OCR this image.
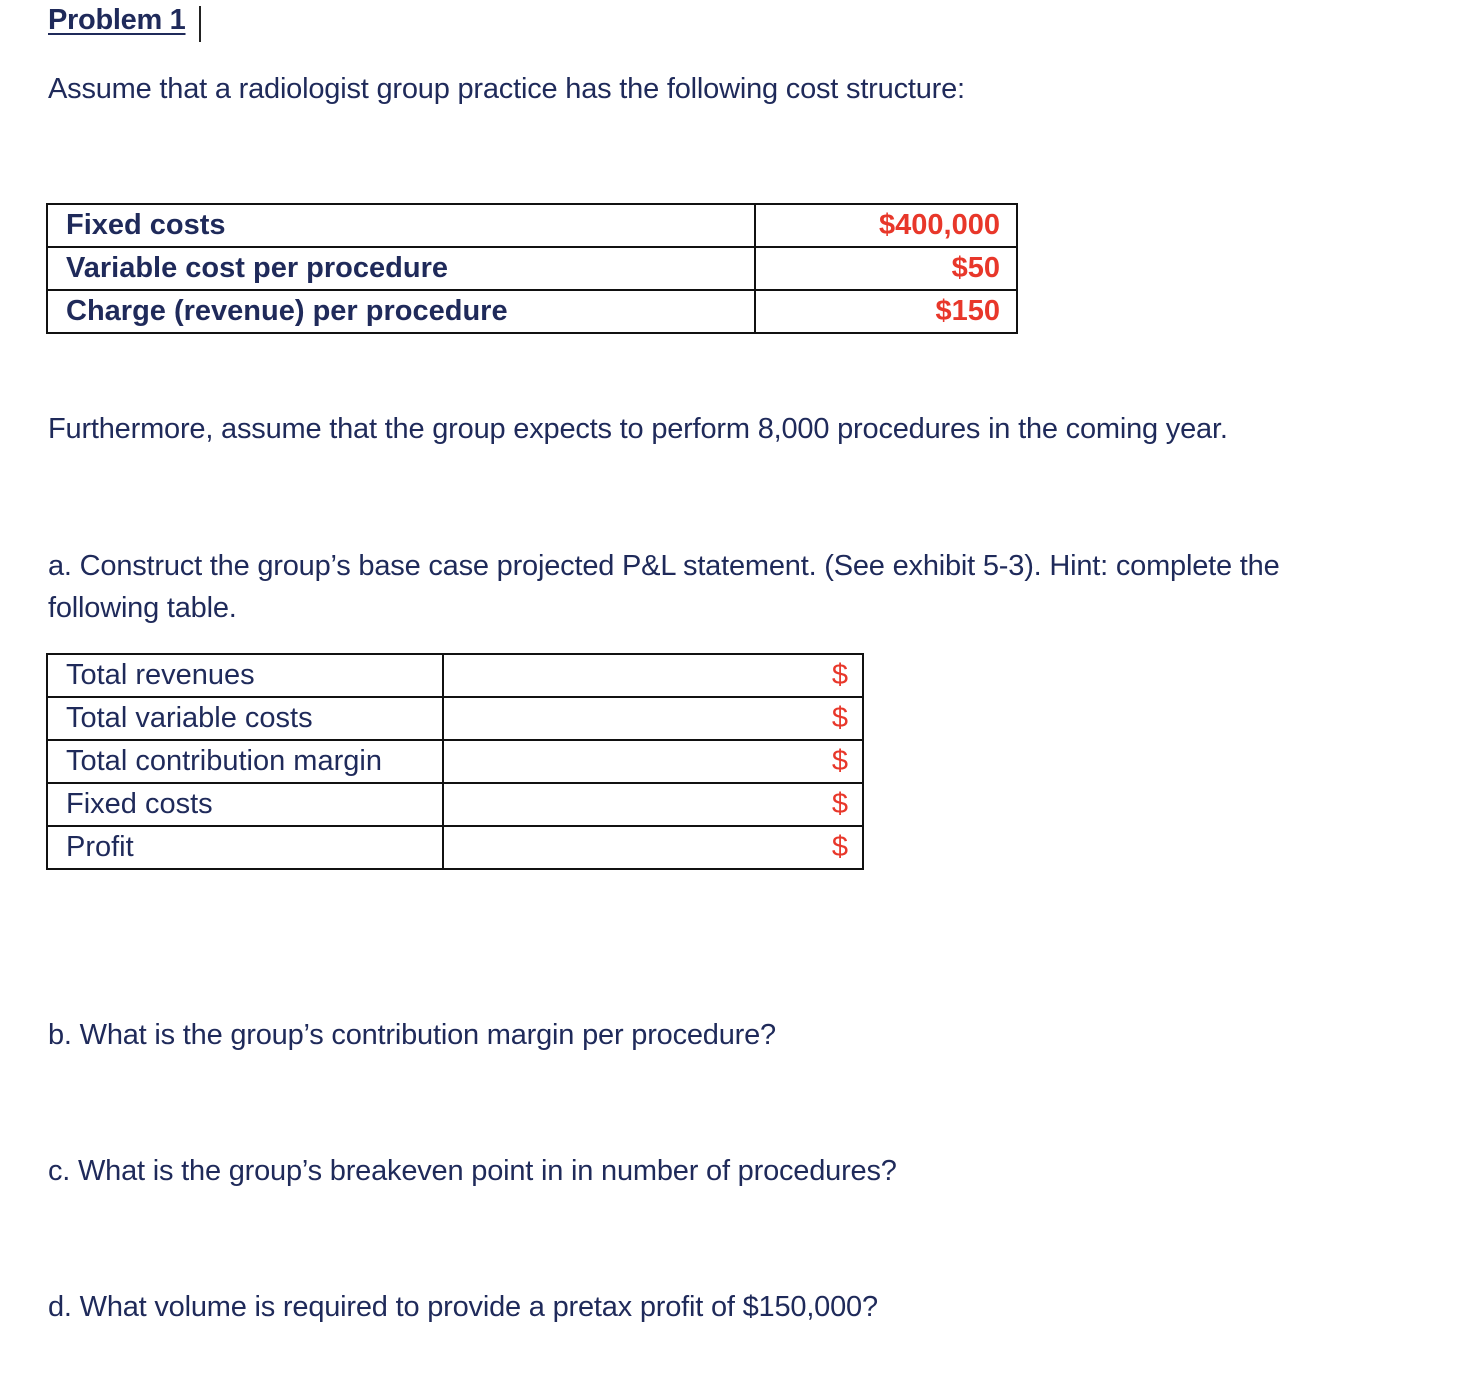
Problem 1
Assume that a radiologist group practice has the following cost structure:
Fixed costs	$400,000
Variable cost per procedure	$50
Charge (revenue) per procedure	$150
Furthermore, assume that the group expects to perform 8,000 procedures in the coming year.
a. Construct the group’s base case projected P&L statement. (See exhibit 5-3). Hint: complete the
following table.
Total revenues	$
Total variable costs	$
Total contribution margin	$
Fixed costs	$
Profit	$
b. What is the group’s contribution margin per procedure?
c. What is the group’s breakeven point in in number of procedures?
d. What volume is required to provide a pretax profit of $150,000?
